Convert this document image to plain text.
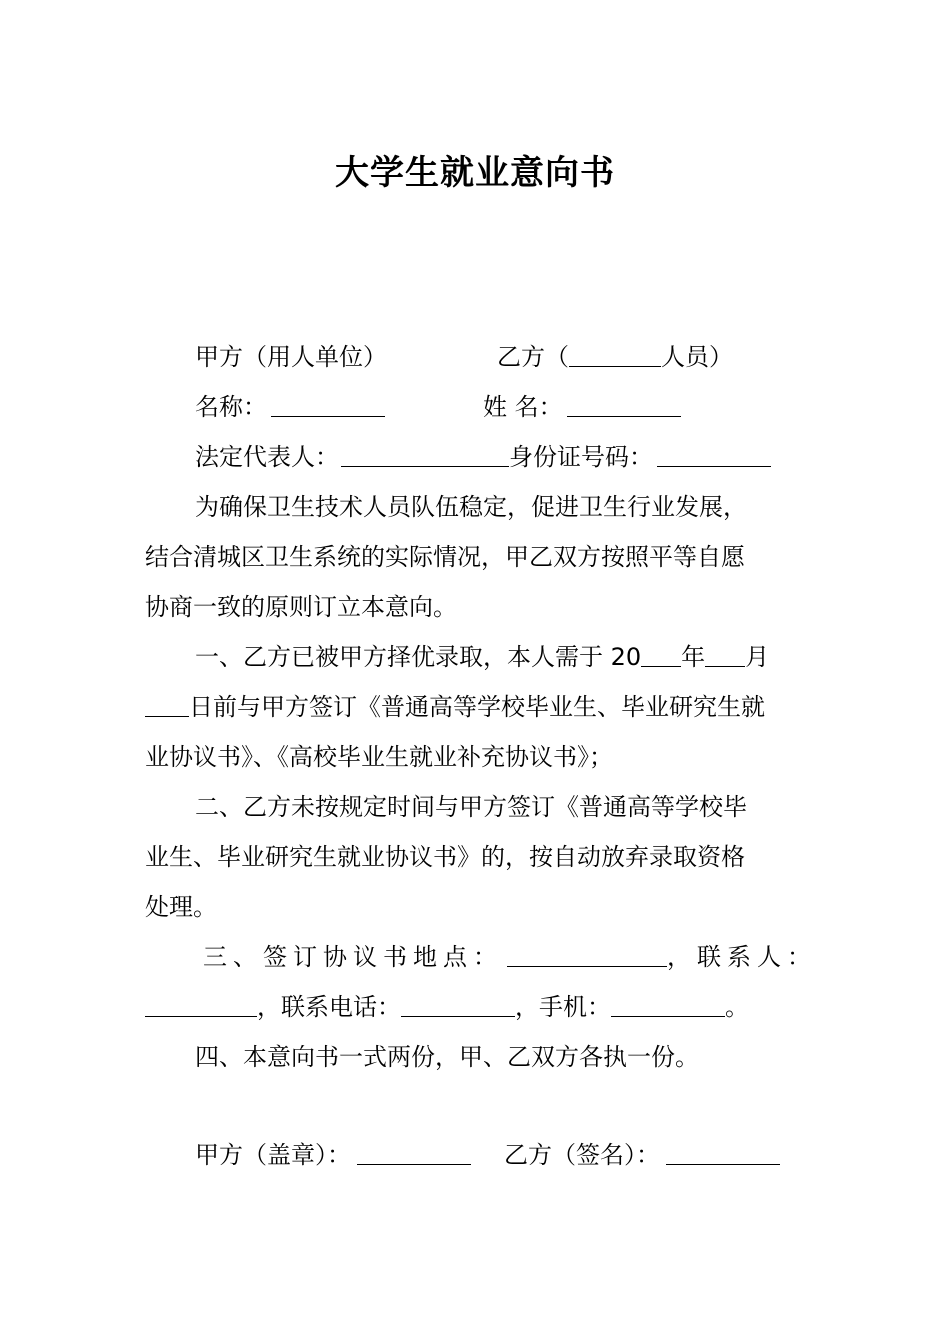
大学生就业意向书
甲方（用人单位）	乙方（	人员）
名称：	姓 名：
法定代表人：	身份证号码：
为确保卫生技术人员队伍稳定，促进卫生行业发展，
结合清城区卫生系统的实际情况，甲乙双方按照平等自愿
协商一致的原则订立本意向。
一、乙方已被甲方择优录取，本人需于 20 年 月
日前与甲方签订《普通高等学校毕业生、毕业研究生就
业协议书》、《高校毕业生就业补充协议书》；
二、乙方未按规定时间与甲方签订《普通高等学校毕
业生、毕业研究生就业协议书》的，按自动放弃录取资格
处理。
三、签订协议书地点：	，联系人：
，联系电话：	，手机：	。
四、本意向书一式两份，甲、乙双方各执一份。
甲方（盖章）：	乙方（签名）：
